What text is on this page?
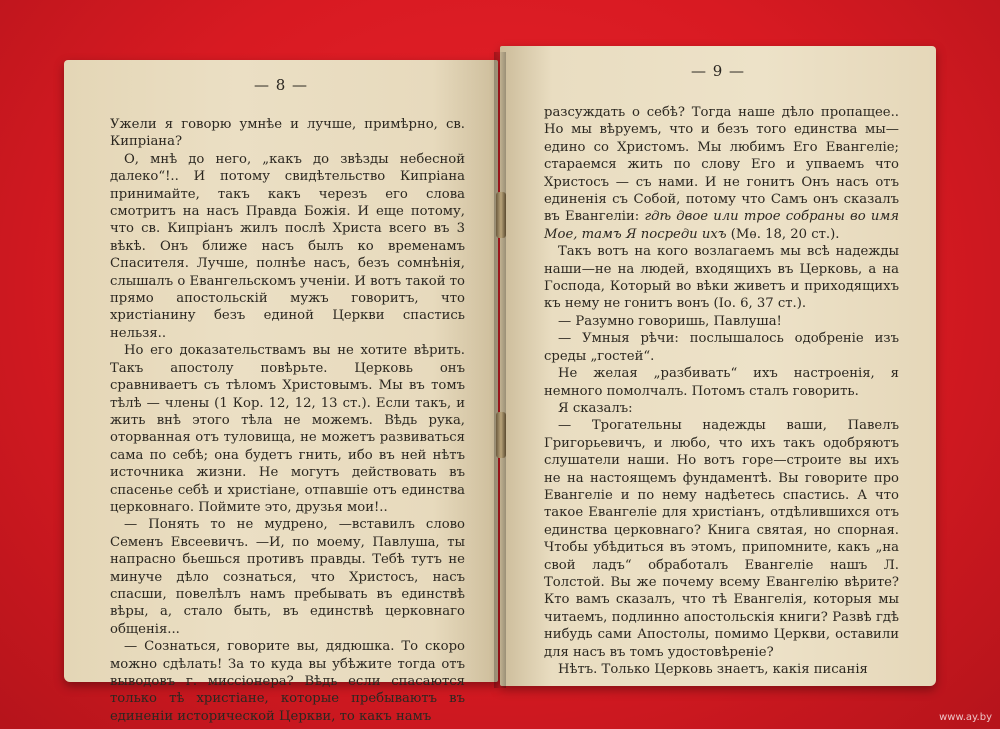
— 8 —

Ужели я говорю умнѣе и лучше, примѣрно, св. Кипріана?

О, мнѣ до него, „какъ до звѣзды небесной далеко“!.. И потому свидѣтельство Кипріана принимайте, такъ какъ черезъ его слова смотритъ на насъ Правда Божія. И еще потому, что св. Кипріанъ жилъ послѣ Христа всего въ 3 вѣкѣ. Онъ ближе насъ былъ ко временамъ Спасителя. Лучше, полнѣе насъ, безъ сомнѣнія, слышалъ о Евангельскомъ ученіи. И вотъ такой то прямо апостольскій мужъ говоритъ, что христіанину безъ единой Церкви спастись нельзя..

Но его доказательствамъ вы не хотите вѣрить. Такъ апостолу повѣрьте. Церковь онъ сравниваетъ съ тѣломъ Христовымъ. Мы въ томъ тѣлѣ — члены (1 Кор. 12, 12, 13 ст.). Если такъ, и жить внѣ этого тѣла не можемъ. Вѣдь рука, оторванная отъ туловища, не можетъ развиваться сама по себѣ; она будетъ гнить, ибо въ ней нѣтъ источника жизни. Не могутъ действовать въ спасенье себѣ и христіане, отпавшіе отъ единства церковнаго. Поймите это, друзья мои!..

— Понять то не мудрено, —вставилъ слово Семенъ Евсеевичъ. —И, по моему, Павлуша, ты напрасно бьешься противъ правды. Тебѣ тутъ не минуче дѣло сознаться, что Христосъ, насъ спасши, повелѣлъ намъ пребывать въ единствѣ вѣры, а, стало быть, въ единствѣ церковнаго общенія...

— Сознаться, говорите вы, дядюшка. То скоро можно сдѣлать! За то куда вы убѣжите тогда отъ выводовъ г. миссіонера? Вѣдь если спасаются только тѣ христіане, которые пребываютъ въ единеніи исторической Церкви, то какъ намъ

— 9 —

разсуждать о себѣ? Тогда наше дѣло пропащее.. Но мы вѣруемъ, что и безъ того единства мы— едино со Христомъ. Мы любимъ Его Евангеліе; стараемся жить по слову Его и упваемъ что Христосъ — съ нами. И не гонитъ Онъ насъ отъ единенія съ Собой, потому что Самъ онъ сказалъ въ Евангеліи: гдѣ двое или трое собраны во имя Мое, тамъ Я посреди ихъ (Мѳ. 18, 20 ст.).

Такъ вотъ на кого возлагаемъ мы всѣ надежды наши—не на людей, входящихъ въ Церковь, а на Господа, Который во вѣки живетъ и приходящихъ къ нему не гонитъ вонъ (Іо. 6, 37 ст.).

— Разумно говоришь, Павлуша!

— Умныя рѣчи: послышалось одобреніе изъ среды „гостей“.

Не желая „разбивать“ ихъ настроенія, я немного помолчалъ. Потомъ сталъ говорить.

Я сказалъ:

— Трогательны надежды ваши, Павелъ Григорьевичъ, и любо, что ихъ такъ одобряютъ слушатели наши. Но вотъ горе—строите вы ихъ не на настоящемъ фундаментѣ. Вы говорите про Евангеліе и по нему надѣетесь спастись. А что такое Евангеліе для христіанъ, отдѣлившихся отъ единства церковнаго? Книга святая, но спорная. Чтобы убѣдиться въ этомъ, припомните, какъ „на свой ладъ“ обработалъ Евангеліе нашъ Л. Толстой. Вы же почему всему Евангелію вѣрите? Кто вамъ сказалъ, что тѣ Евангелія, которыя мы читаемъ, подлинно апостольскія книги? Развѣ гдѣ нибудь сами Апостолы, помимо Церкви, оставили для насъ въ томъ удостовѣреніе?

Нѣтъ. Только Церковь знаетъ, какія писанія

www.ay.by
